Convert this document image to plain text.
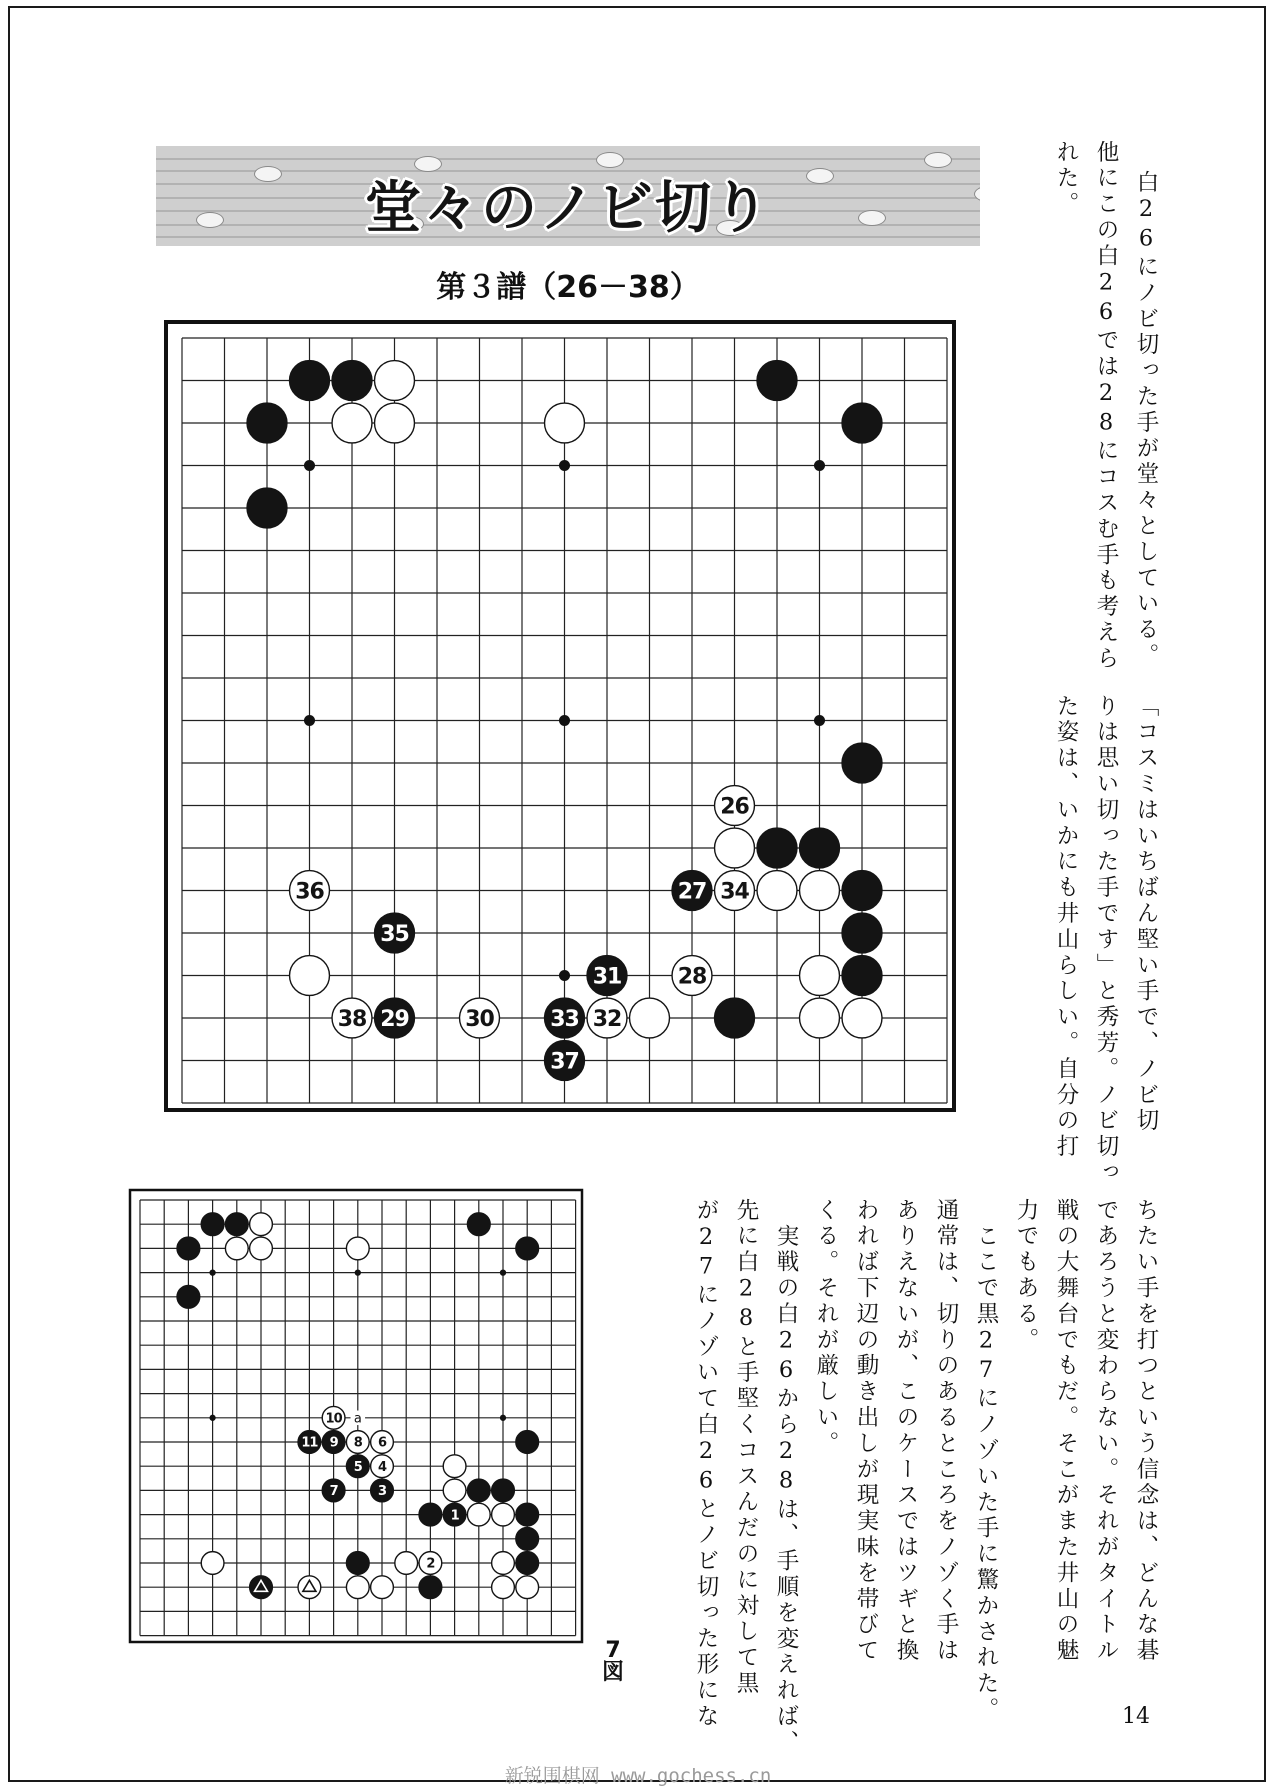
堂々のノビ切り
第３譜（26－38）
26
36	27 34
35
31	28
38 29	30	33 32
37
a
10
11 9 8 6
5 4
7	3
1
2
7
図

白26にノビ切った手が堂々としている。

他にこの白26では28にコスむ手も考えら

れた。

「コスミはいちばん堅い手で、ノビ切

りは思い切った手です」と秀芳。ノビ切っ

た姿は、いかにも井山らしい。自分の打

ちたい手を打つという信念は、どんな碁

であろうと変わらない。それがタイトル

戦の大舞台でもだ。そこがまた井山の魅

力でもある。

ここで黒27にノゾいた手に驚かされた。

通常は、切りのあるところをノゾく手は

ありえないが、このケースではツギと換

われば下辺の動き出しが現実味を帯びて

くる。それが厳しい。

実戦の白26から28は、手順を変えれば、

先に白28と手堅くコスんだのに対して黒

が27にノゾいて白26とノビ切った形にな	14
新锐围棋网 www.gochess.cn
